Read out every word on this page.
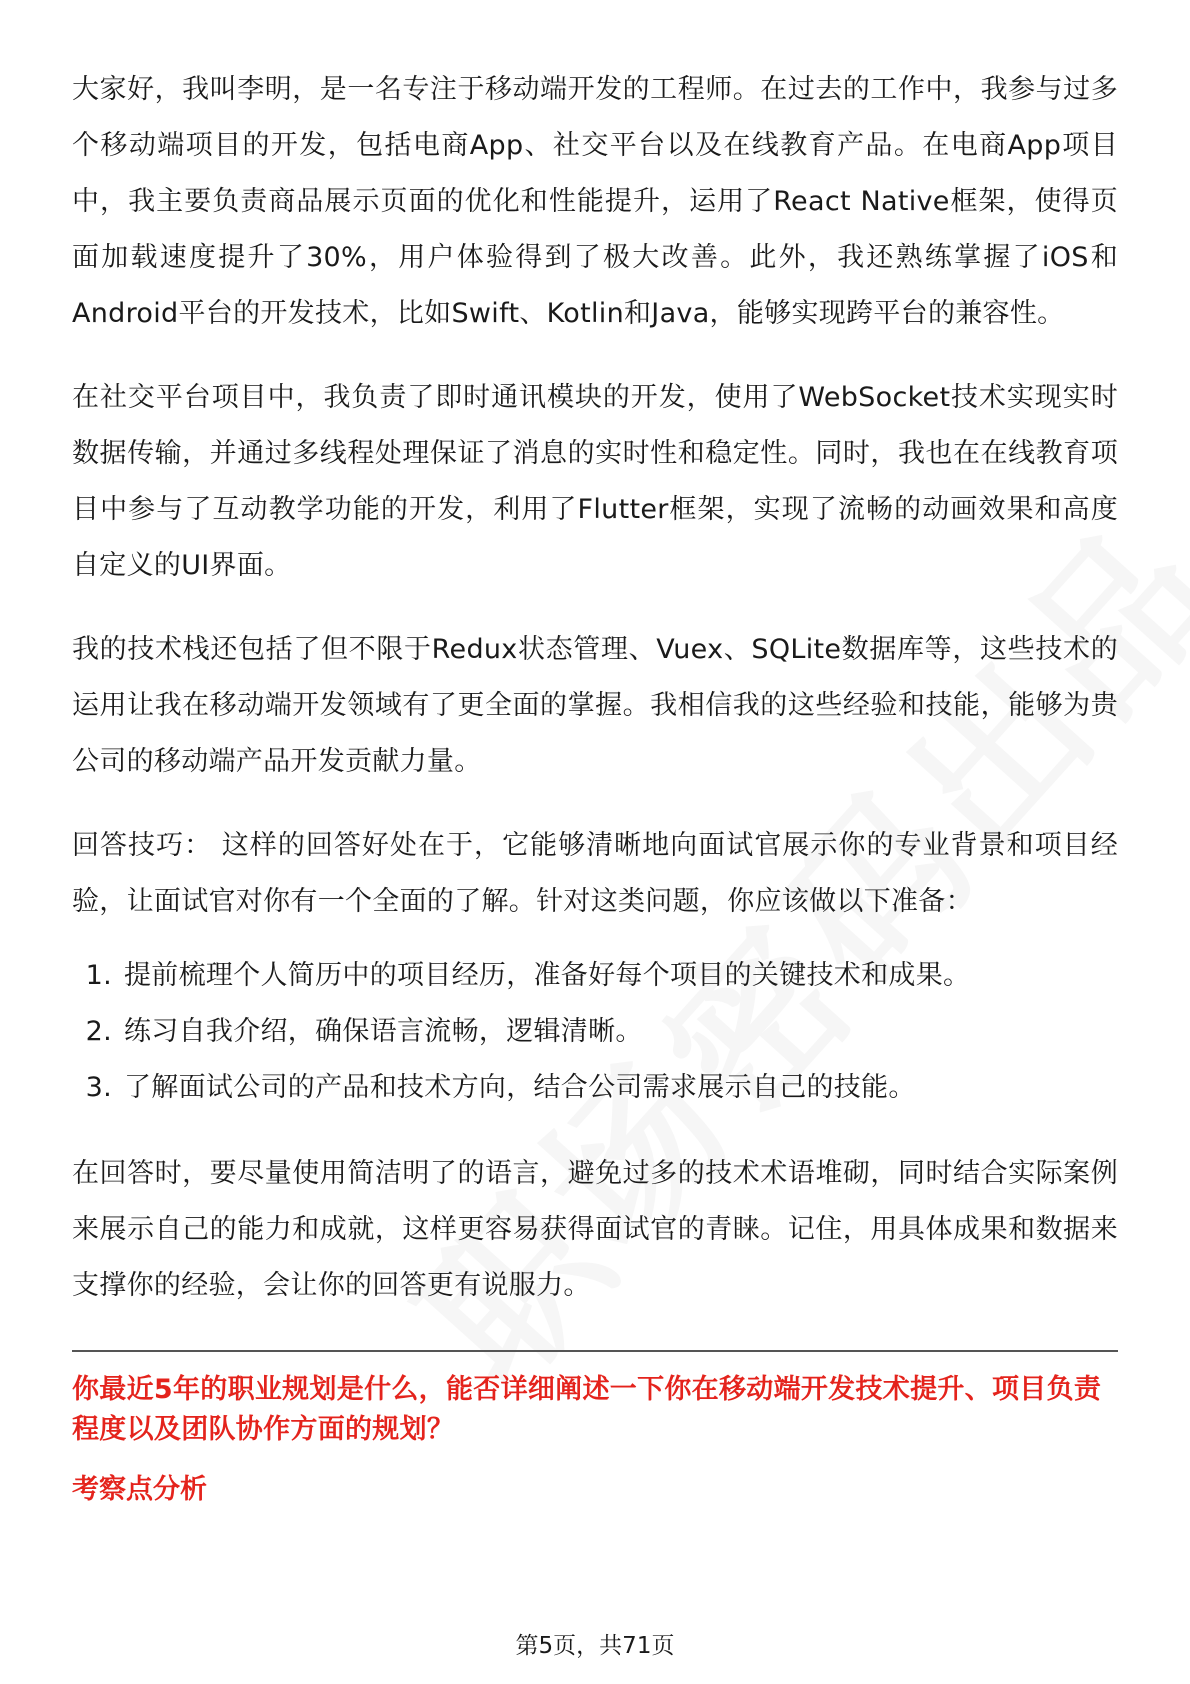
大家好，我叫李明，是一名专注于移动端开发的工程师。在过去的工作中，我参与过多个移动端项目的开发，包括电商App、社交平台以及在线教育产品。在电商App项目中，我主要负责商品展示页面的优化和性能提升，运用了React Native框架，使得页面加载速度提升了30%，用户体验得到了极大改善。此外，我还熟练掌握了iOS和Android平台的开发技术，比如Swift、Kotlin和Java，能够实现跨平台的兼容性。

在社交平台项目中，我负责了即时通讯模块的开发，使用了WebSocket技术实现实时数据传输，并通过多线程处理保证了消息的实时性和稳定性。同时，我也在在线教育项目中参与了互动教学功能的开发，利用了Flutter框架，实现了流畅的动画效果和高度自定义的UI界面。

我的技术栈还包括了但不限于Redux状态管理、Vuex、SQLite数据库等，这些技术的运用让我在移动端开发领域有了更全面的掌握。我相信我的这些经验和技能，能够为贵公司的移动端产品开发贡献力量。

回答技巧： 这样的回答好处在于，它能够清晰地向面试官展示你的专业背景和项目经验，让面试官对你有一个全面的了解。针对这类问题，你应该做以下准备：

1. 提前梳理个人简历中的项目经历，准备好每个项目的关键技术和成果。
2. 练习自我介绍，确保语言流畅，逻辑清晰。
3. 了解面试公司的产品和技术方向，结合公司需求展示自己的技能。

在回答时，要尽量使用简洁明了的语言，避免过多的技术术语堆砌，同时结合实际案例来展示自己的能力和成就，这样更容易获得面试官的青睐。记住，用具体成果和数据来支撑你的经验，会让你的回答更有说服力。

你最近5年的职业规划是什么，能否详细阐述一下你在移动端开发技术提升、项目负责程度以及团队协作方面的规划？

考察点分析

第5页，共71页
